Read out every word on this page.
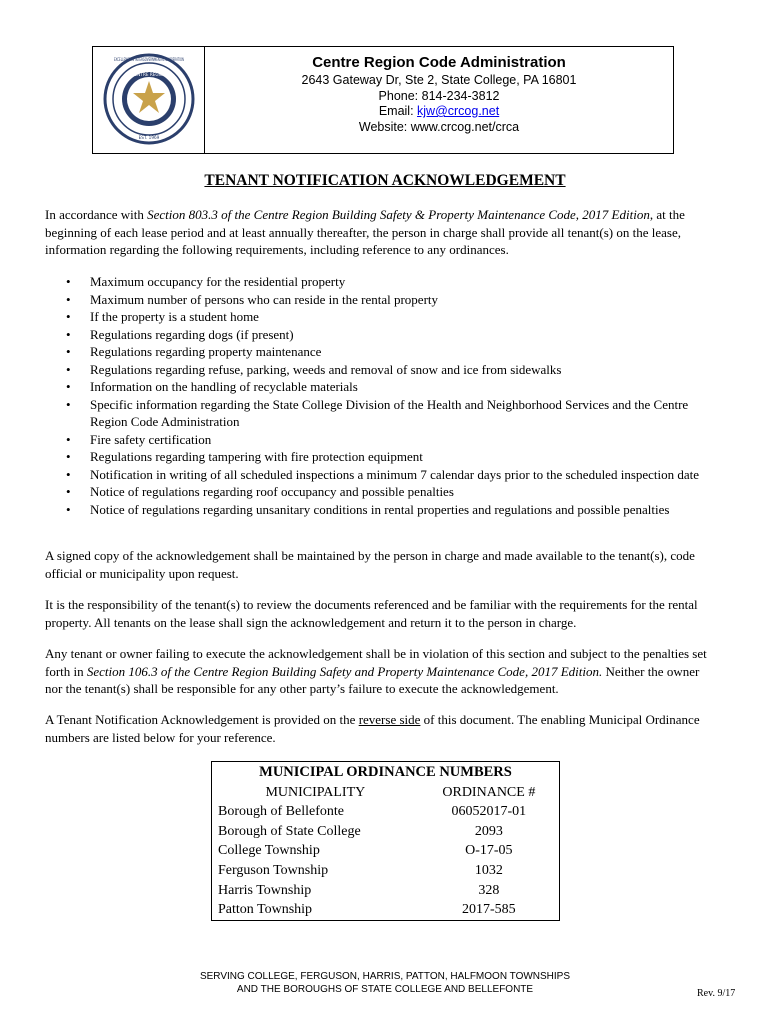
EXCELLENCE IN INTERGOVERNMENTAL COOPERATION
CENTRE REGION
EST. 1969
Centre Region Code Administration
2643 Gateway Dr, Ste 2, State College, PA 16801
Phone: 814-234-3812
Email: kjw@crcog.net
Website: www.crcog.net/crca
TENANT NOTIFICATION ACKNOWLEDGEMENT

In accordance with Section 803.3 of the Centre Region Building Safety & Property Maintenance Code, 2017 Edition, at the beginning of each lease period and at least annually thereafter, the person in charge shall provide all tenant(s) on the lease, information regarding the following requirements, including reference to any ordinances.

• Maximum occupancy for the residential property
• Maximum number of persons who can reside in the rental property
• If the property is a student home
• Regulations regarding dogs (if present)
• Regulations regarding property maintenance
• Regulations regarding refuse, parking, weeds and removal of snow and ice from sidewalks
• Information on the handling of recyclable materials
• Specific information regarding the State College Division of the Health and Neighborhood Services and the Centre Region Code Administration
• Fire safety certification
• Regulations regarding tampering with fire protection equipment
• Notification in writing of all scheduled inspections a minimum 7 calendar days prior to the scheduled inspection date
• Notice of regulations regarding roof occupancy and possible penalties
• Notice of regulations regarding unsanitary conditions in rental properties and regulations and possible penalties

A signed copy of the acknowledgement shall be maintained by the person in charge and made available to the tenant(s), code official or municipality upon request.

It is the responsibility of the tenant(s) to review the documents referenced and be familiar with the requirements for the rental property. All tenants on the lease shall sign the acknowledgement and return it to the person in charge.

Any tenant or owner failing to execute the acknowledgement shall be in violation of this section and subject to the penalties set forth in Section 106.3 of the Centre Region Building Safety and Property Maintenance Code, 2017 Edition. Neither the owner nor the tenant(s) shall be responsible for any other party’s failure to execute the acknowledgement.

A Tenant Notification Acknowledgement is provided on the reverse side of this document. The enabling Municipal Ordinance numbers are listed below for your reference.

MUNICIPAL ORDINANCE NUMBERS	
MUNICIPALITY	ORDINANCE #
Borough of Bellefonte	06052017-01
Borough of State College	2093
College Township	O-17-05
Ferguson Township	1032
Harris Township	328
Patton Township	2017-585
SERVING COLLEGE, FERGUSON, HARRIS, PATTON, HALFMOON TOWNSHIPS
AND THE BOROUGHS OF STATE COLLEGE AND BELLEFONTE	Rev. 9/17
